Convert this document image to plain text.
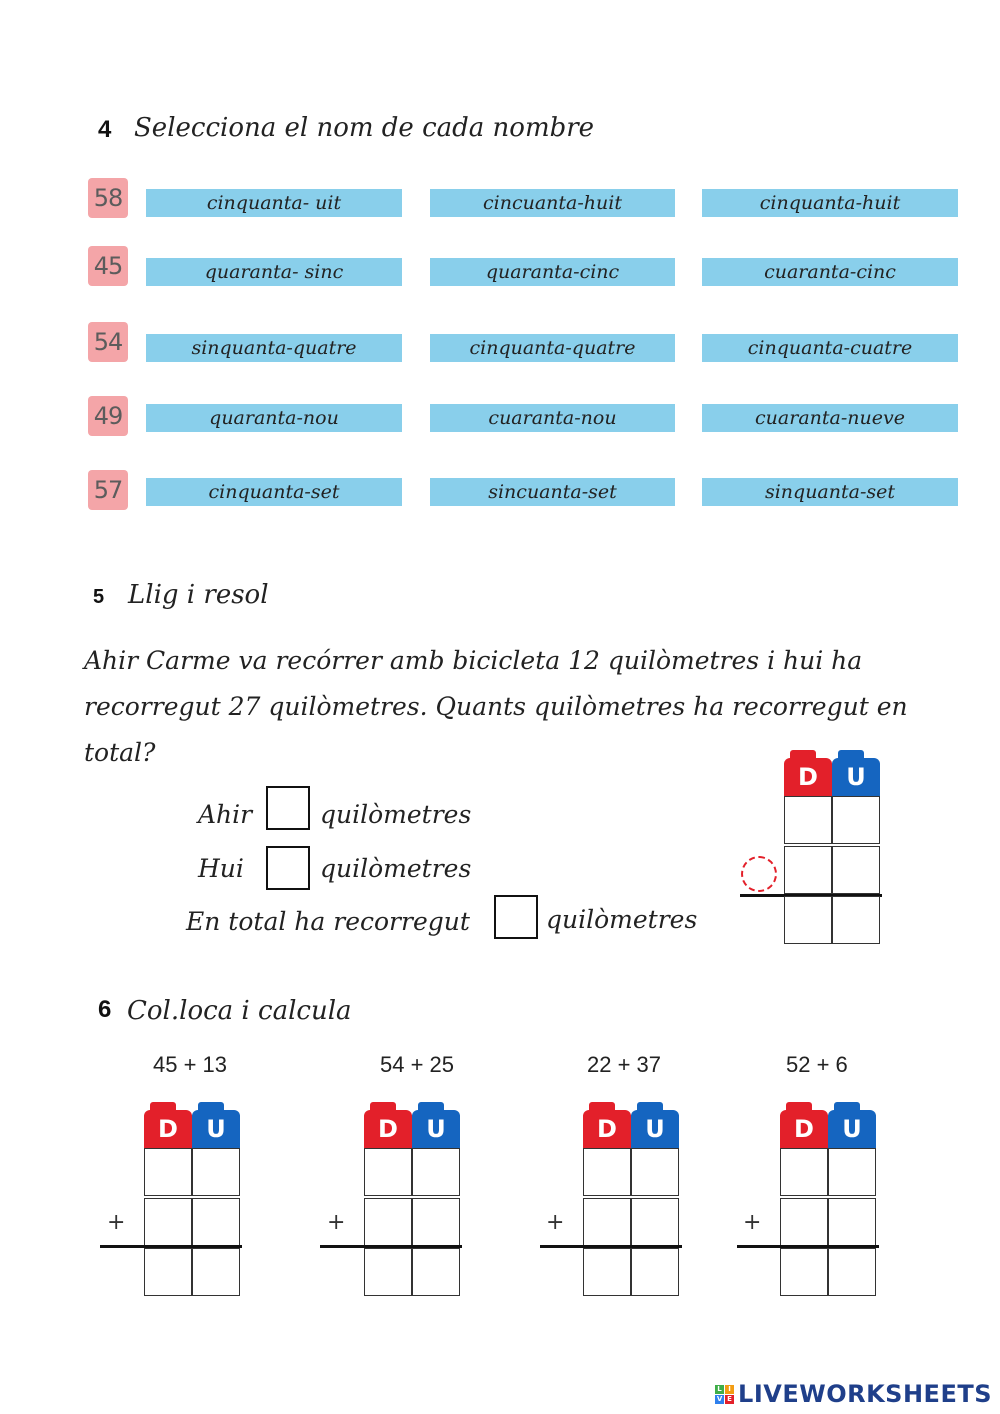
4 Selecciona el nom de cada nombre
58	cinquanta- uit	cincuanta-huit	cinquanta-huit
45	quaranta- sinc	quaranta-cinc	cuaranta-cinc
54	sinquanta-quatre	cinquanta-quatre	cinquanta-cuatre
49	quaranta-nou	cuaranta-nou	cuaranta-nueve
57	cinquanta-set	sincuanta-set	sinquanta-set
5 Llig i resol
Ahir Carme va recórrer amb bicicleta 12 quilòmetres i hui ha
recorregut 27 quilòmetres. Quants quilòmetres ha recorregut en
total?
Ahir	quilòmetres
Hui	quilòmetres
En total ha recorregut	quilòmetres
D	U
6 Col.loca i calcula
45 + 13
D	U
+
54 + 25
D	U
+
22 + 37
D	U
+
52 + 6
D	U
+
L I
V E LIVEWORKSHEETS
